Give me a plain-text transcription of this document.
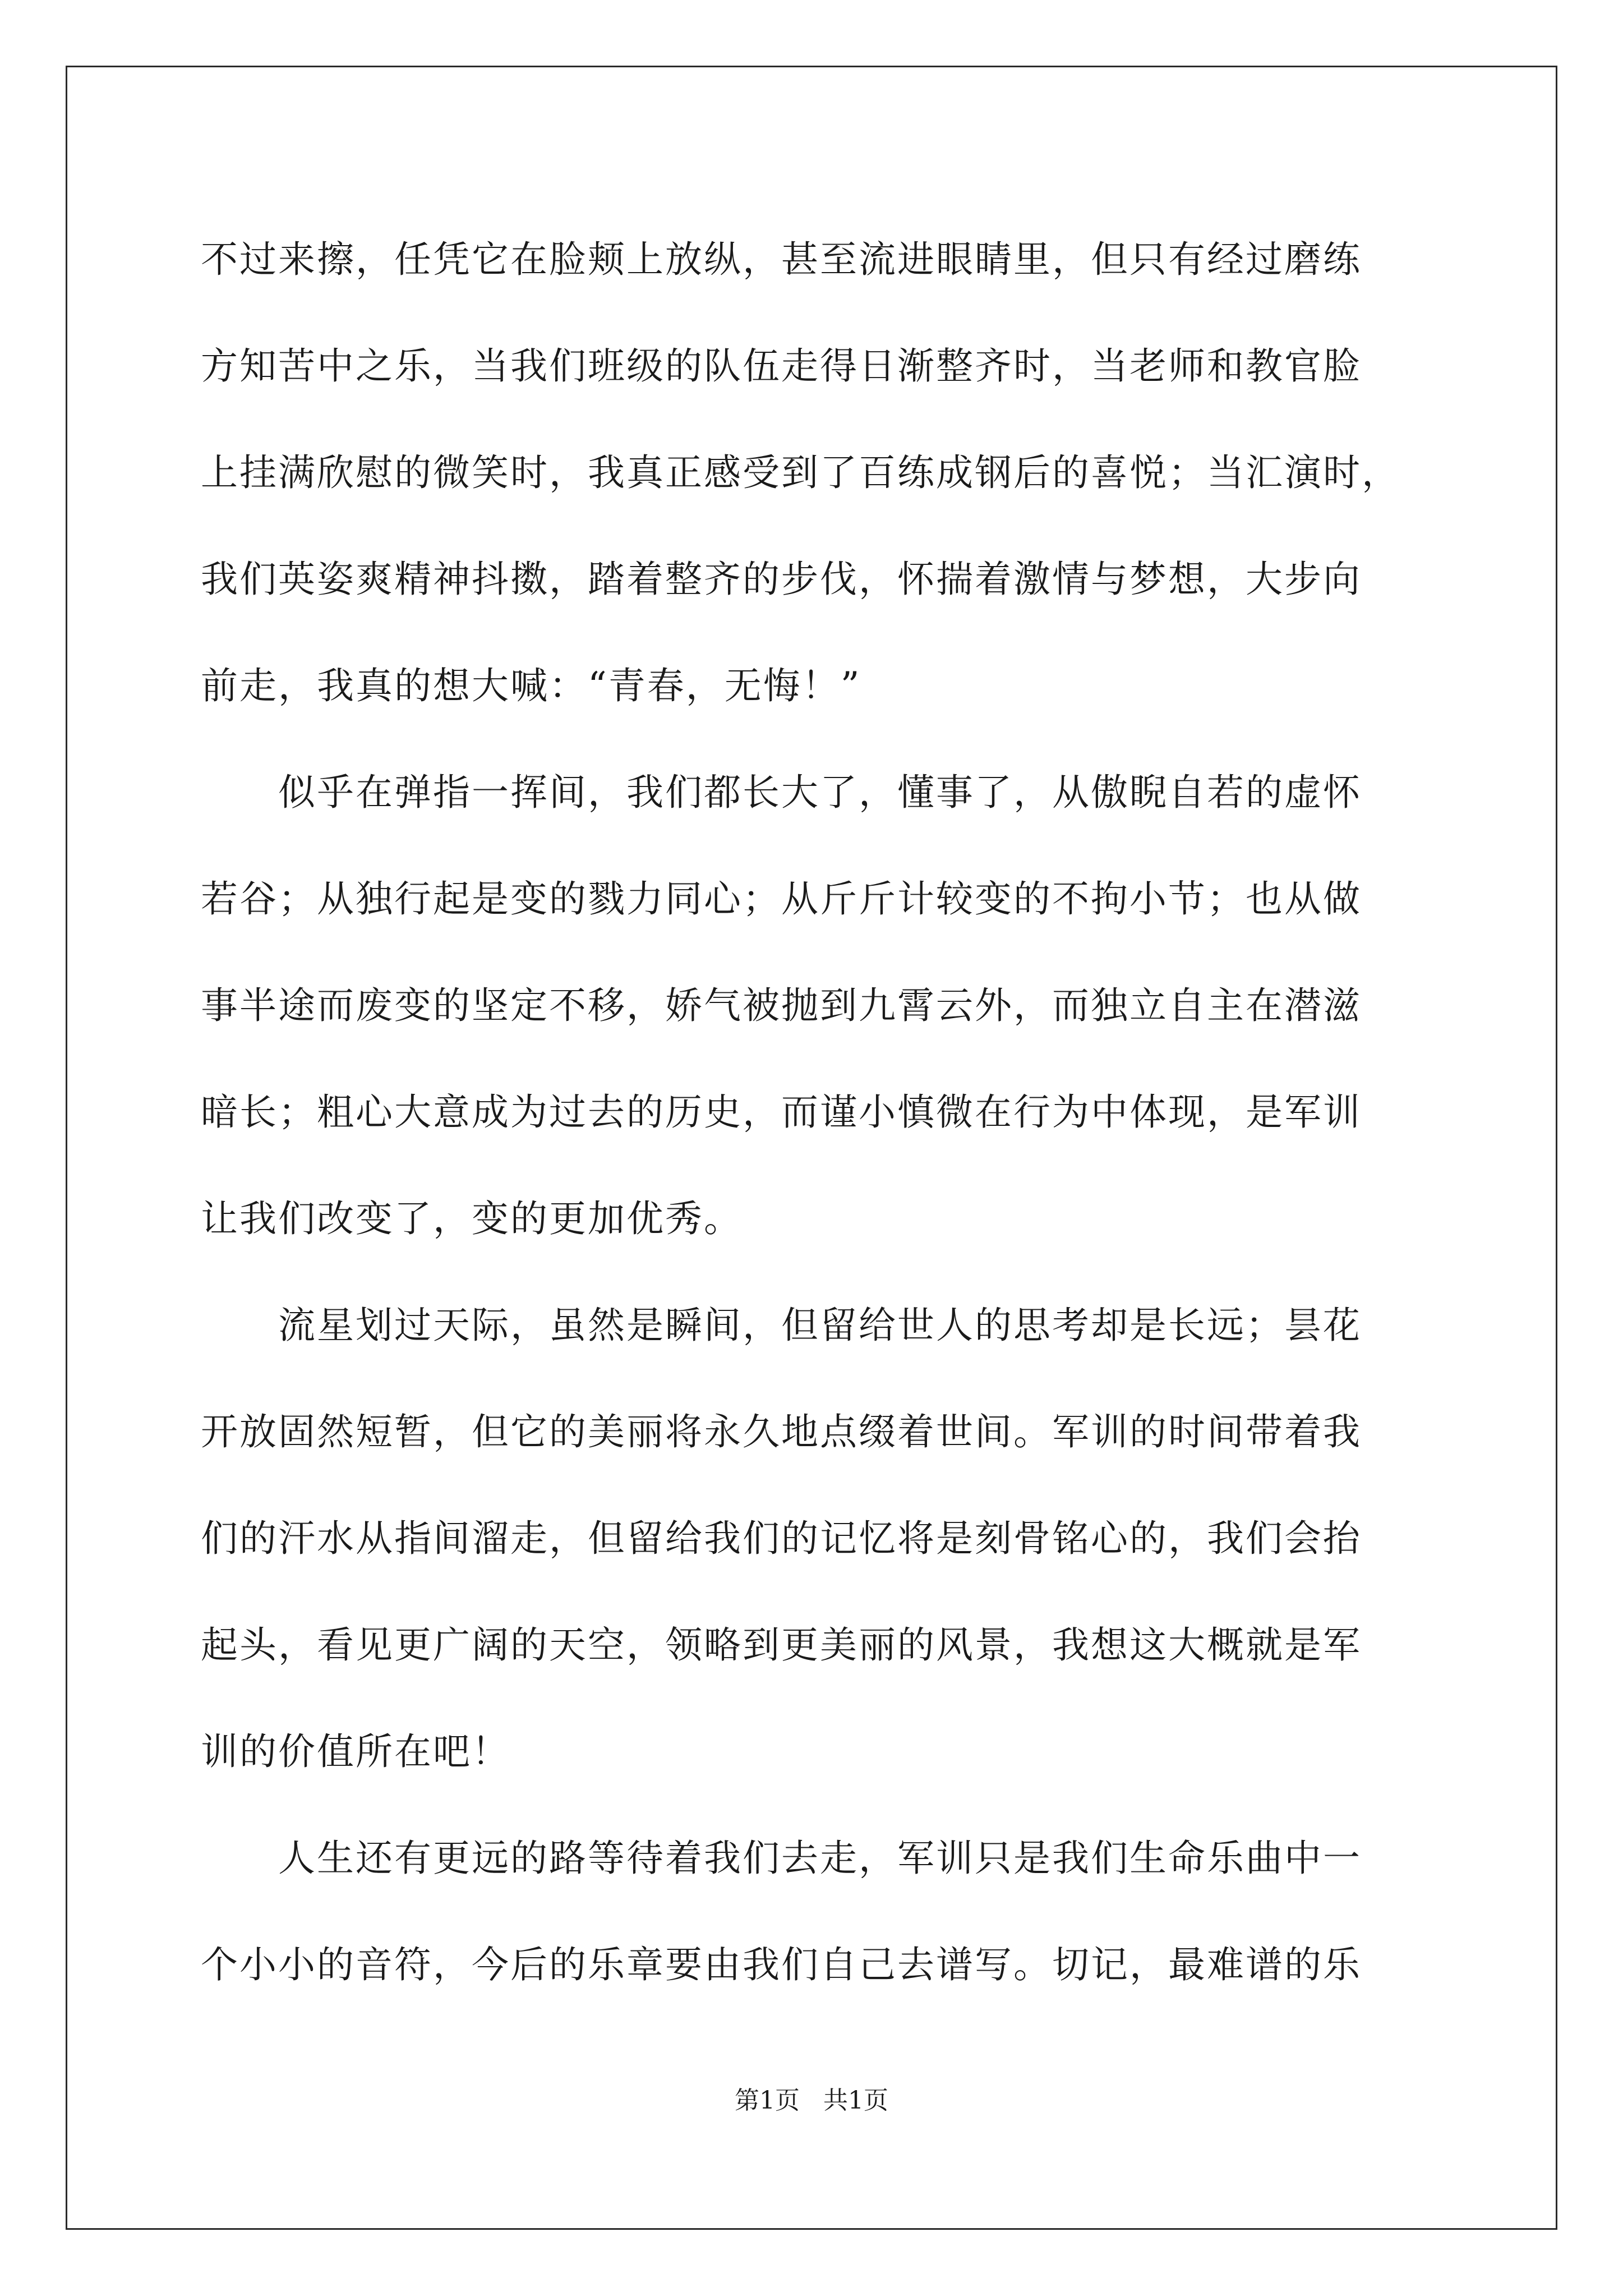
不过来擦，任凭它在脸颊上放纵，甚至流进眼睛里，但只有经过磨练
方知苦中之乐，当我们班级的队伍走得日渐整齐时，当老师和教官脸
上挂满欣慰的微笑时，我真正感受到了百练成钢后的喜悦；当汇演时，
我们英姿爽精神抖擞，踏着整齐的步伐，怀揣着激情与梦想，大步向
前走，我真的想大喊：“青春，无悔！”
　　似乎在弹指一挥间，我们都长大了，懂事了，从傲睨自若的虚怀
若谷；从独行起是变的戮力同心；从斤斤计较变的不拘小节；也从做
事半途而废变的坚定不移，娇气被抛到九霄云外，而独立自主在潜滋
暗长；粗心大意成为过去的历史，而谨小慎微在行为中体现，是军训
让我们改变了，变的更加优秀。
　　流星划过天际，虽然是瞬间，但留给世人的思考却是长远；昙花
开放固然短暂，但它的美丽将永久地点缀着世间。军训的时间带着我
们的汗水从指间溜走，但留给我们的记忆将是刻骨铭心的，我们会抬
起头，看见更广阔的天空，领略到更美丽的风景，我想这大概就是军
训的价值所在吧！
　　人生还有更远的路等待着我们去走，军训只是我们生命乐曲中一
个小小的音符，今后的乐章要由我们自己去谱写。切记，最难谱的乐
第1页   共1页
